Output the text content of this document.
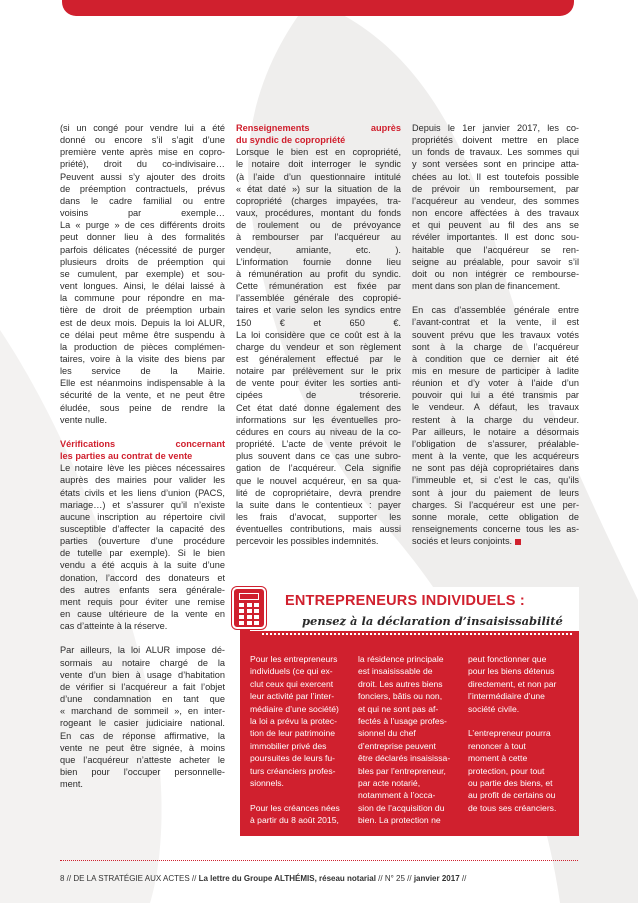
(si un congé pour vendre lui a été

donné ou encore s’il s’agit d’une

première vente après mise en copro-

priété), droit du co-indivisaire…

Peuvent aussi s’y ajouter des droits

de préemption contractuels, prévus

dans le cadre familial ou entre

voisins par exemple…

La « purge » de ces différents droits

peut donner lieu à des formalités

parfois délicates (nécessité de purger

plusieurs droits de préemption qui

se cumulent, par exemple) et sou-

vent longues. Ainsi, le délai laissé à

la commune pour répondre en ma-

tière de droit de préemption urbain

est de deux mois. Depuis la loi ALUR,

ce délai peut même être suspendu à

la production de pièces complémen-

taires, voire à la visite des biens par

les service de la Mairie.

Elle est néanmoins indispensable à la

sécurité de la vente, et ne peut être

éludée, sous peine de rendre la

vente nulle.

Vérifications concernant

les parties au contrat de vente

Le notaire lève les pièces nécessaires

auprès des mairies pour valider les

états civils et les liens d’union (PACS,

mariage…) et s’assurer qu’il n’existe

aucune inscription au répertoire civil

susceptible d’affecter la capacité des

parties (ouverture d’une procédure

de tutelle par exemple). Si le bien

vendu a été acquis à la suite d’une

donation, l’accord des donateurs et

des autres enfants sera générale-

ment requis pour éviter une remise

en cause ultérieure de la vente en

cas d’atteinte à la réserve.

Par ailleurs, la loi ALUR impose dé-

sormais au notaire chargé de la

vente d’un bien à usage d’habitation

de vérifier si l’acquéreur a fait l’objet

d’une condamnation en tant que

« marchand de sommeil », en inter-

rogeant le casier judiciaire national.

En cas de réponse affirmative, la

vente ne peut être signée, à moins

que l’acquéreur n’atteste acheter le

bien pour l’occuper personnelle-

ment.

Renseignements auprès

du syndic de copropriété

Lorsque le bien est en copropriété,

le notaire doit interroger le syndic

(à l’aide d’un questionnaire intitulé

« état daté ») sur la situation de la

copropriété (charges impayées, tra-

vaux, procédures, montant du fonds

de roulement ou de prévoyance

à rembourser par l’acquéreur au

vendeur, amiante, etc. ).

L’information fournie donne lieu

à rémunération au profit du syndic.

Cette rémunération est fixée par

l’assemblée générale des copropié-

taires et varie selon les syndics entre

150 € et 650 €.

La loi considère que ce coût est à la

charge du vendeur et son règlement

est généralement effectué par le

notaire par prélèvement sur le prix

de vente pour éviter les sorties anti-

cipées de trésorerie.

Cet état daté donne également des

informations sur les éventuelles pro-

cédures en cours au niveau de la co-

propriété. L’acte de vente prévoit le

plus souvent dans ce cas une subro-

gation de l’acquéreur. Cela signifie

que le nouvel acquéreur, en sa qua-

lité de copropriétaire, devra prendre

la suite dans le contentieux : payer

les frais d’avocat, supporter les

éventuelles contributions, mais aussi

percevoir les possibles indemnités.

Depuis le 1er janvier 2017, les co-

propriétés doivent mettre en place

un fonds de travaux. Les sommes qui

y sont versées sont en principe atta-

chées au lot. Il est toutefois possible

de prévoir un remboursement, par

l’acquéreur au vendeur, des sommes

non encore affectées à des travaux

et qui peuvent au fil des ans se

révéler importantes. Il est donc sou-

haitable que l’acquéreur se ren-

seigne au préalable, pour savoir s’il

doit ou non intégrer ce rembourse-

ment dans son plan de financement.

En cas d’assemblée générale entre

l’avant-contrat et la vente, il est

souvent prévu que les travaux votés

sont à la charge de l’acquéreur

à condition que ce dernier ait été

mis en mesure de participer à ladite

réunion et d’y voter à l’aide d’un

pouvoir qui lui a été transmis par

le vendeur. A défaut, les travaux

restent à la charge du vendeur.

Par ailleurs, le notaire a désormais

l’obligation de s’assurer, préalable-

ment à la vente, que les acquéreurs

ne sont pas déjà copropriétaires dans

l’immeuble et, si c’est le cas, qu’ils

sont à jour du paiement de leurs

charges. Si l’acquéreur est une per-

sonne morale, cette obligation de

renseignements concerne tous les as-

sociés et leurs conjoints.

ENTREPRENEURS INDIVIDUELS :
pensez à la déclaration d’insaisissabilité

Pour les entrepreneurs

individuels (ce qui ex-

clut ceux qui exercent

leur activité par l’inter-

médiaire d’une société)

la loi a prévu la protec-

tion de leur patrimoine

immobilier privé des

poursuites de leurs fu-

turs créanciers profes-

sionnels.

Pour les créances nées

à partir du 8 août 2015,

la résidence principale

est insaisissable de

droit. Les autres biens

fonciers, bâtis ou non,

et qui ne sont pas af-

fectés à l’usage profes-

sionnel du chef

d’entreprise peuvent

être déclarés insaisissa-

bles par l’entrepreneur,

par acte notarié,

notamment à l’occa-

sion de l’acquisition du

bien. La protection ne

peut fonctionner que

pour les biens détenus

directement, et non par

l’intermédiaire d’une

société civile.

L’entrepreneur pourra

renoncer à tout

moment à cette

protection, pour tout

ou partie des biens, et

au profit de certains ou

de tous ses créanciers.

8 // DE LA STRATÉGIE AUX ACTES // La lettre du Groupe ALTHÉMIS, réseau notarial // N° 25 // janvier 2017 //
